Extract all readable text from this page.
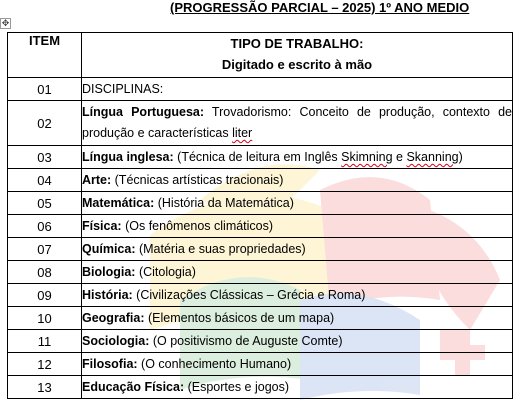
(PROGRESSÃO PARCIAL – 2025) 1º ANO MEDIO
✥
ITEM	TIPO DE TRABALHO:
Digitado e escrito à mão

01	DISCIPLINAS:
02	Língua Portuguesa: Trovadorismo: Conceito de produção, contexto de produção e características liter
03	Língua inglesa: (Técnica de leitura em Inglês Skimning e Skanning)
04	Arte: (Técnicas artísticas tracionais)
05	Matemática: (História da Matemática)
06	Física: (Os fenômenos climáticos)
07	Química: (Matéria e suas propriedades)
08	Biologia: (Citologia)
09	História: (Civilizações Clássicas – Grécia e Roma)
10	Geografia: (Elementos básicos de um mapa)
11	Sociologia: (O positivismo de Auguste Comte)
12	Filosofia: (O conhecimento Humano)
13	Educação Física: (Esportes e jogos)
